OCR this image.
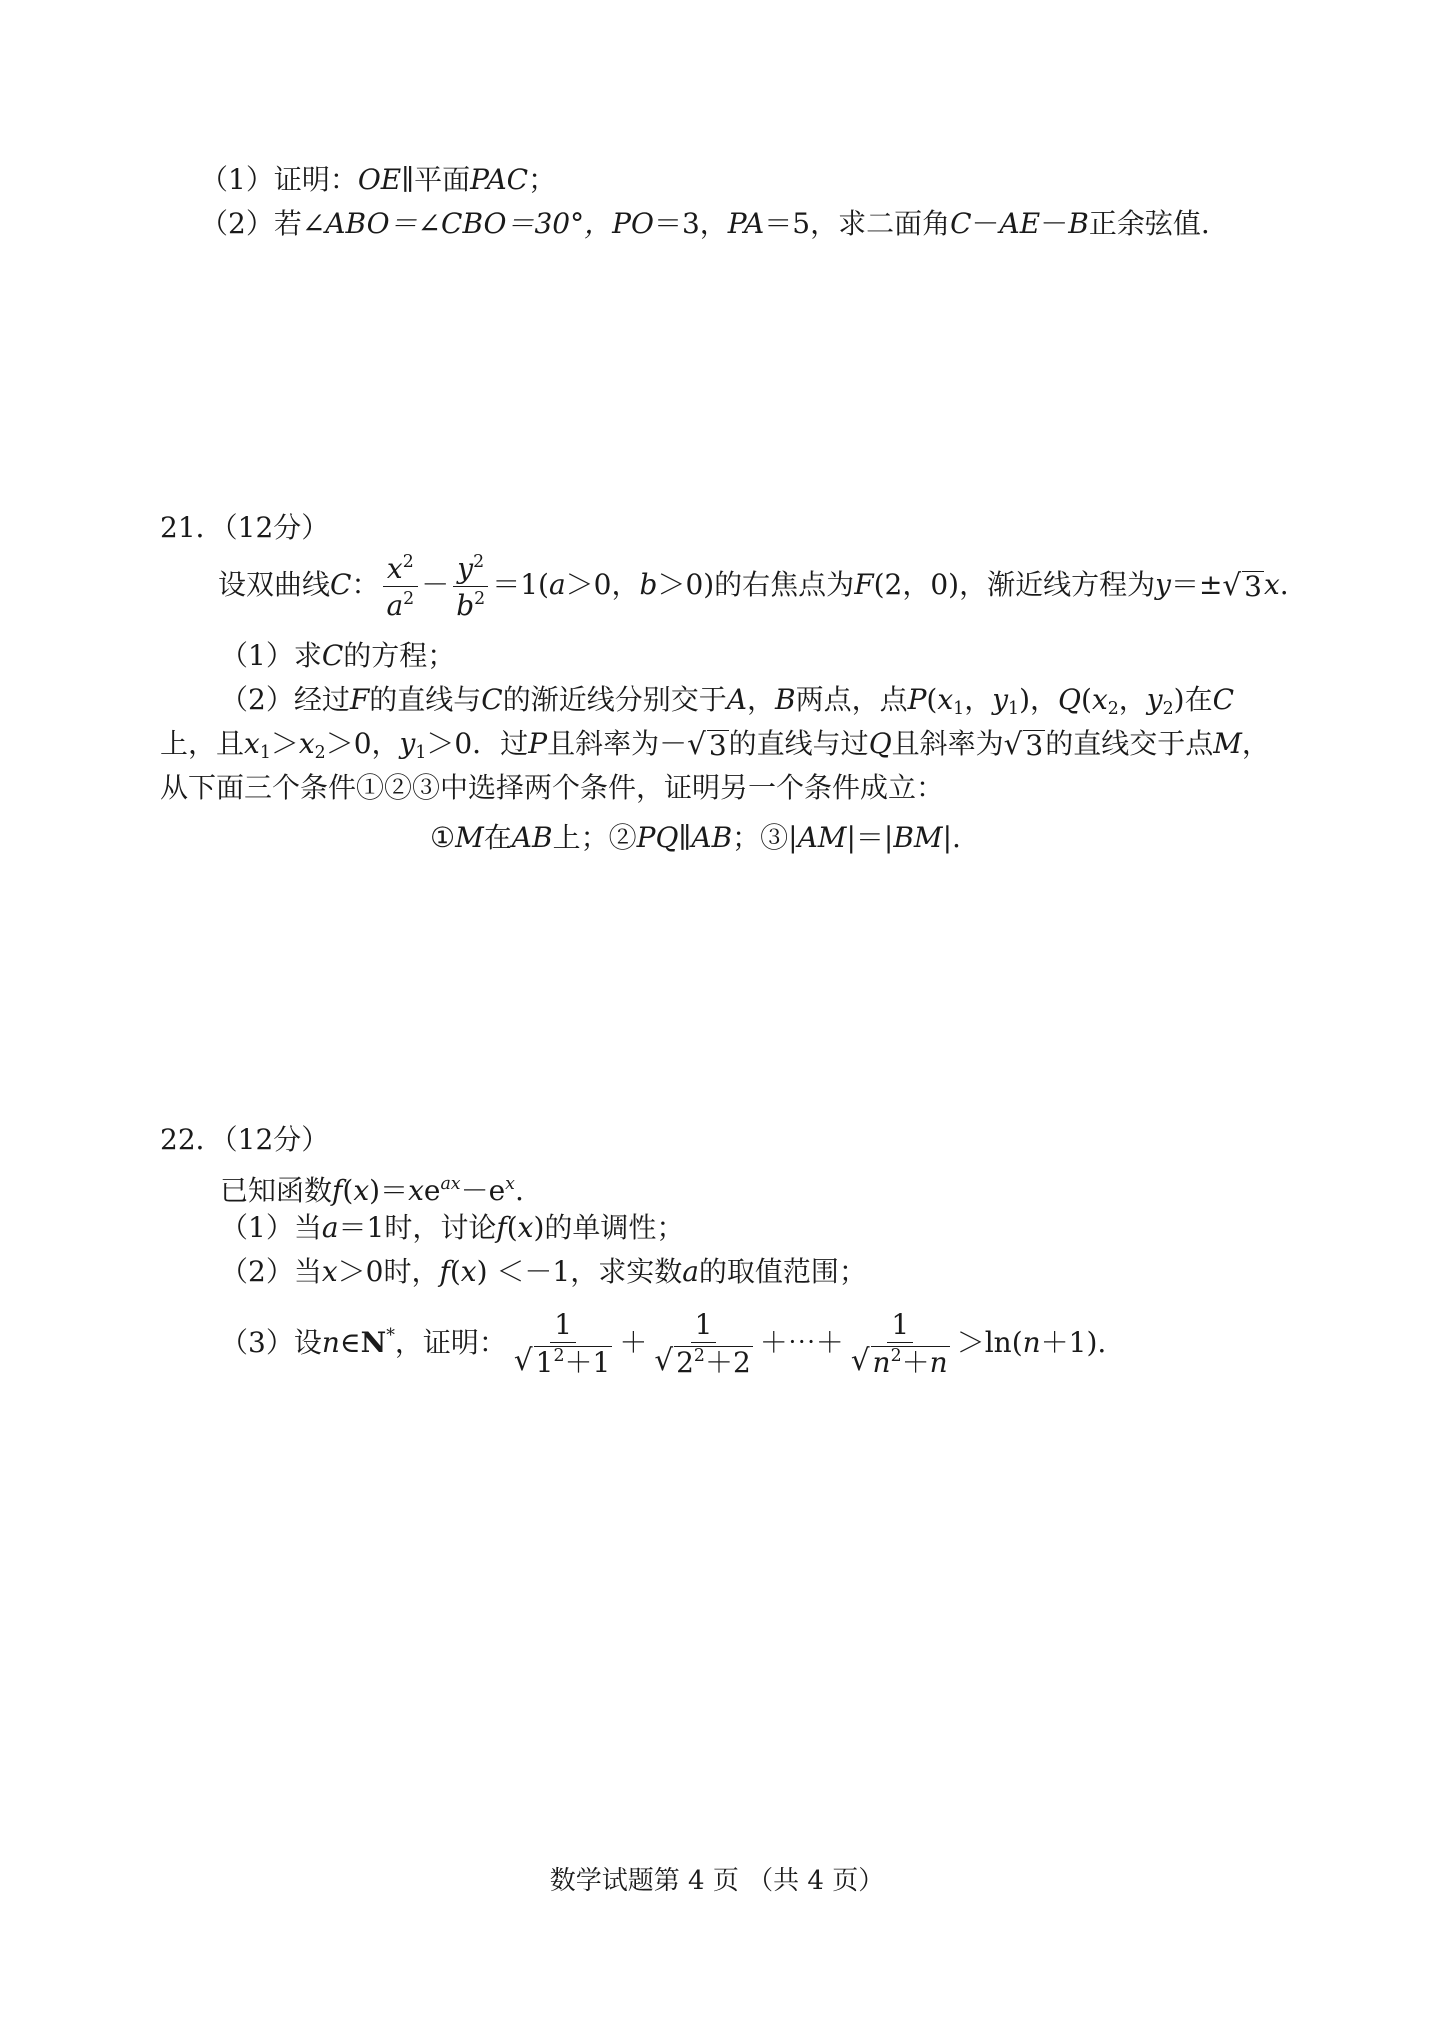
（1）证明：OE∥平面PAC；
（2）若∠ABO＝∠CBO＝30°，PO＝3，PA＝5，求二面角C－AE－B正余弦值.
21．（12分）
设双曲线C： $\frac{x^2}{a^2} - \frac{y^2}{b^2} =1(a>0$，b＞0)的右焦点为F(2，0)，渐近线方程为y＝± √ 3 x.
（1）求C的方程；
（2）经过F的直线与C的渐近线分别交于A，B两点，点$P(x_1$，$y_1$)，$Q(x_2$，$y_2$)在C
上，且$x_1>x_2>0$，$y_1>0$．过P且斜率为－ √ 3 的直线与过Q且斜率为 √ 3 的直线交于点M，
从下面三个条件①②③中选择两个条件，证明另一个条件成立：
①M在AB上；②PQ∥AB；③|AM|＝|BM|.
22．（12分）
已知函数$f(x)=xe^{ax}-e^x$.
（1）当a＝1时，讨论f(x)的单调性；
（2）当x＞0时，f(x) ＜－1，求实数a的取值范围；
（3）设n∈N*，证明： $\frac{1}{√ 1^2+1} + \frac{1}{√ 2^2+2}$ ＋⋯＋ $\frac{1}{√ n^2+n} >\ln(n+1)$.
数学试题第 4 页 （共 4 页）
